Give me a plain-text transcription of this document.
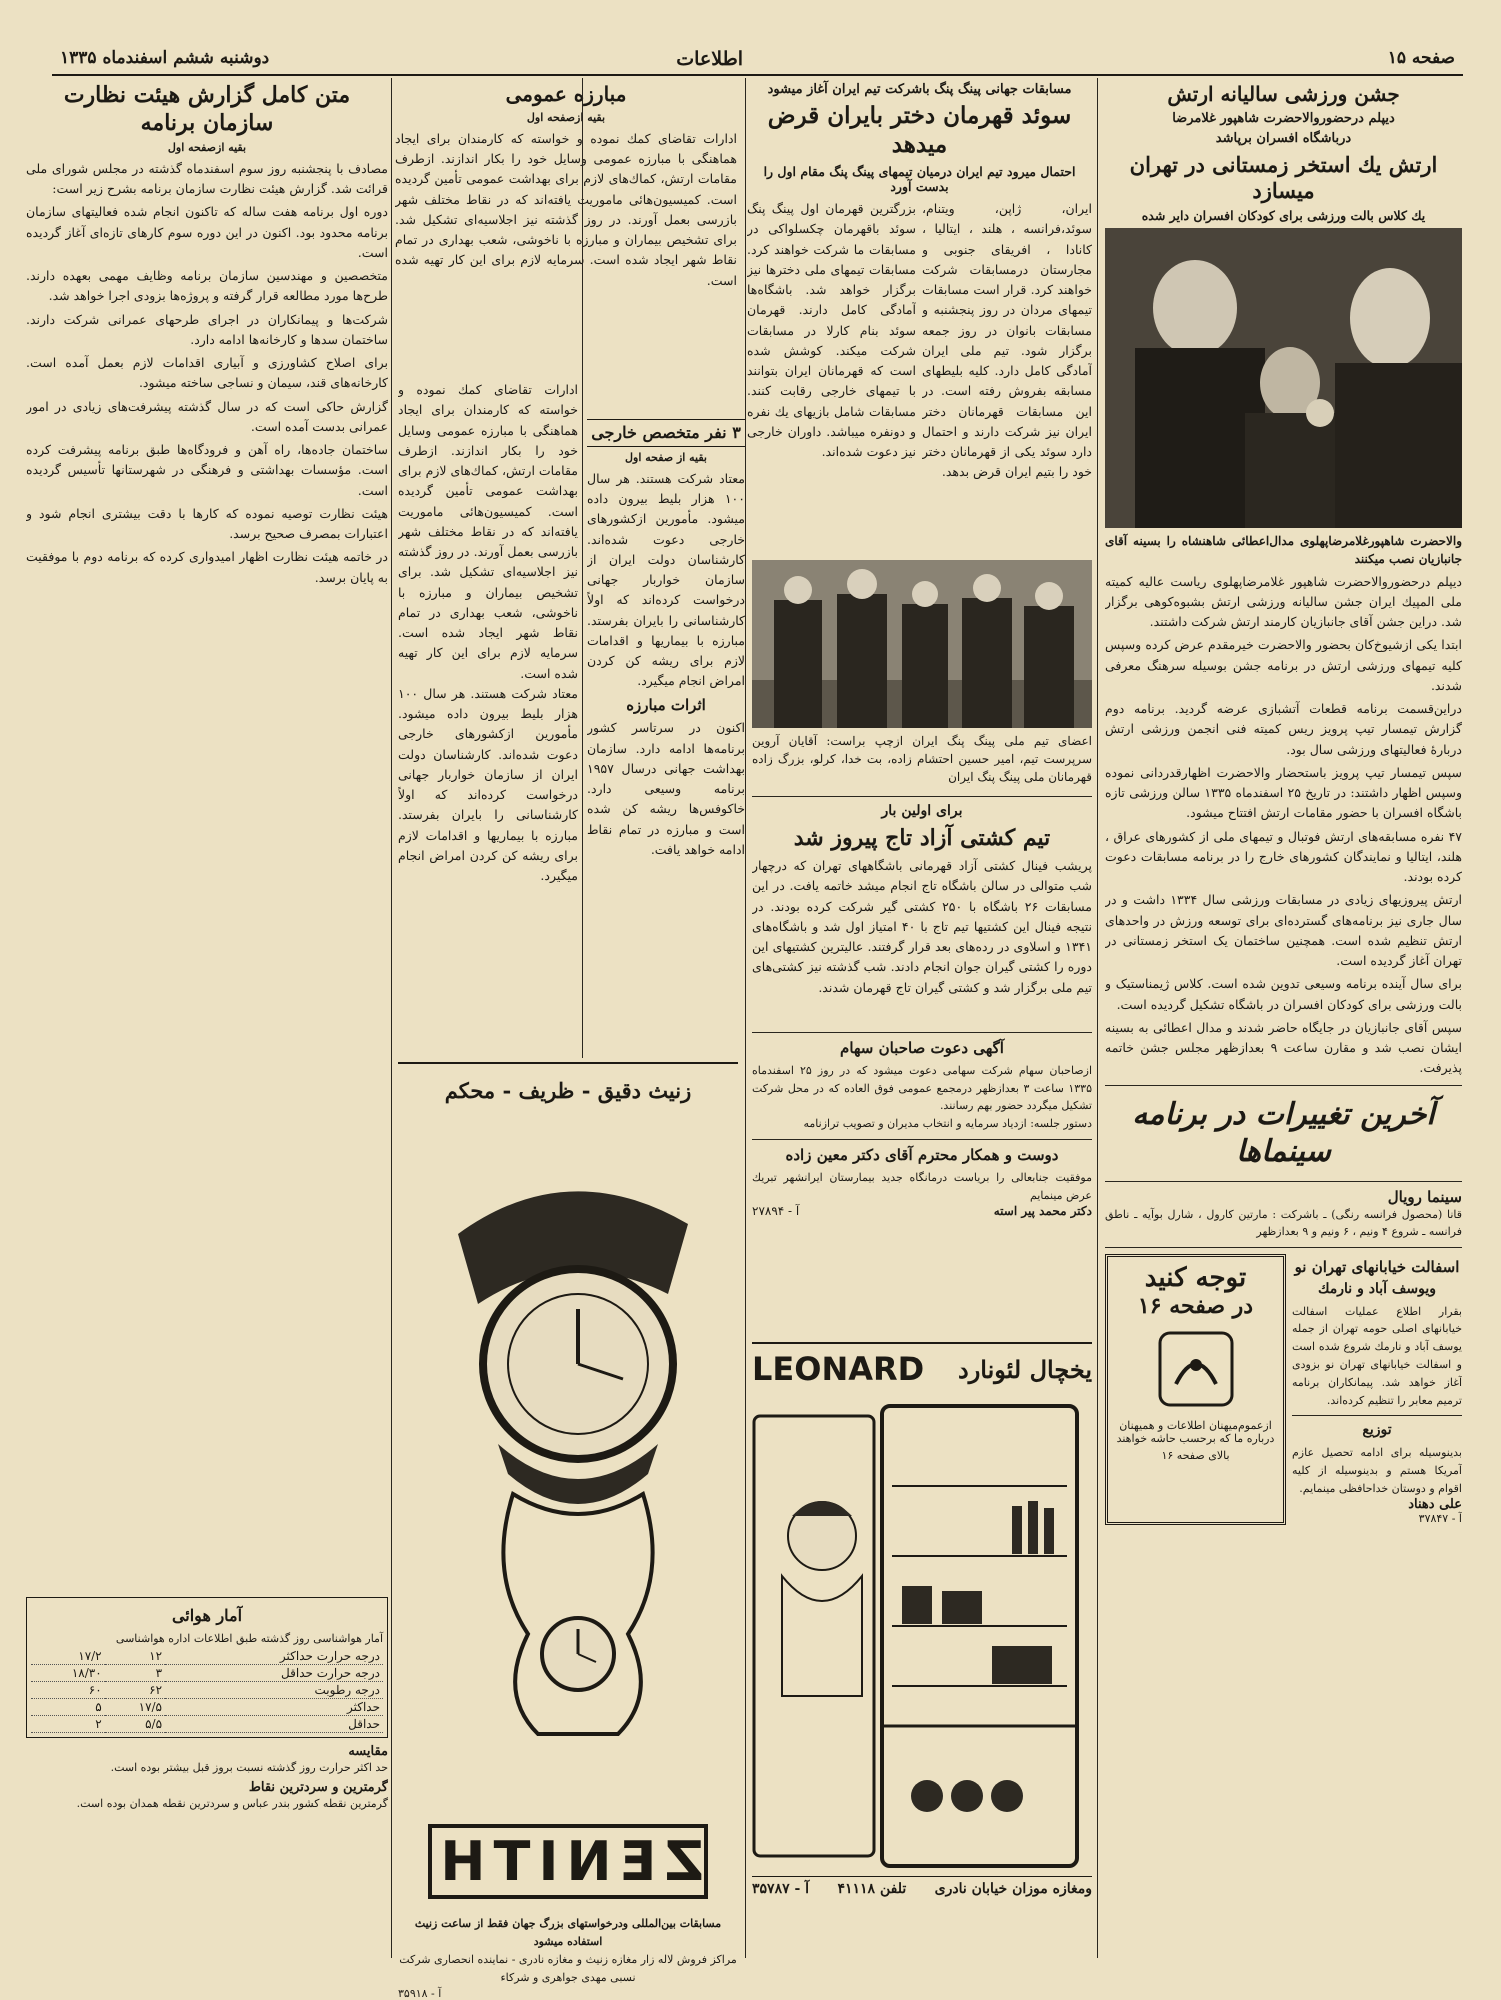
صفحه ۱۵
اطلاعات
دوشنبه ششم اسفندماه ۱۳۳۵
جشن ورزشی سالیانه ارتش
دیپلم درحضوروالاحضرت شاهپور غلامرضا
درباشگاه افسران برپاشد
ارتش یك استخر زمستانی در تهران میسازد
یك کلاس بالت ورزشی برای کودکان افسران دایر شده
والاحضرت شاهپورغلامرضاپهلوی مدال‌اعطائی شاهنشاه را بسینه آقای جانبازیان نصب میکنند

دیپلم درحضوروالاحضرت شاهپور غلامرضاپهلوی ریاست عالیه کمیته ملی المپیك ایران جشن سالیانه ورزشی ارتش بشبوه‌کوهی برگزار شد. دراین جشن آقای جانبازیان کارمند ارتش شرکت داشتند.

ابتدا یکی ازشیوخ‌کان بحضور والاحضرت خیرمقدم عرض کرده وسپس کلیه‌ تیمهای‌ ورزشی ارتش در برنامه جشن بوسیله سرهنگ معرفی شدند.

دراین‌قسمت برنامه قطعات آتشبازی عرضه گردید. برنامه دوم گزارش تیمسار تیپ پرویز ریس کمیته فنی انجمن ورزشی ارتش دربارهٔ فعالیتهای ورزشی سال بود.

سپس تیمسار تیپ پرویز باستحضار والاحضرت اظهارقدردانی نموده وسپس اظهار داشتند: در تاریخ ۲۵ اسفندماه ۱۳۳۵ سالن ورزشی تازه باشگاه افسران با حضور مقامات ارتش افتتاح میشود.

۴۷ نفره مسابقه‌های‌ ارتش فوتبال و تیمهای ملی از کشورهای عراق ، هلند، ایتالیا و نمایندگان کشورهای خارج را در برنامه مسابقات دعوت کرده بودند.

ارتش پیروزیهای زیادی در مسابقات ورزشی سال ۱۳۳۴ داشت و در سال جاری نیز برنامه‌های گسترده‌ای برای توسعه ورزش در واحدهای ارتش تنظیم شده است. همچنین ساختمان یک استخر زمستانی در تهران آغاز گردیده است.

برای سال آینده برنامه وسیعی تدوین شده است. کلاس ژیمناستیک و بالت ورزشی برای کودکان افسران در باشگاه تشکیل گردیده است.

سپس آقای جانبازیان در جایگاه حاضر شدند و مدال اعطائی به بسینه ایشان نصب شد و مقارن ساعت ۹ بعدازظهر مجلس جشن خاتمه پذیرفت.

آخرین تغییرات در برنامه سینماها
سینما رویال
قانا (محصول فرانسه رنگی) ـ باشرکت : مارتین کارول ، شارل بوآیه ـ ناطق فرانسه ـ شروع ۴ ونیم ، ۶ ونیم و ۹ بعدازظهر
اسفالت خیابانهای تهران نو
ویوسف آباد و نارمك
بقرار اطلاع عملیات اسفالت خیابانهای اصلی حومه تهران از جمله یوسف آباد و نارمك شروع شده است و اسفالت خیابانهای تهران نو بزودی آغاز خواهد شد. پیمانکاران برنامه ترمیم معابر را تنظیم کرده‌اند.
توزیع
بدینوسیله برای ادامه تحصیل عازم آمریکا هستم و بدینوسیله از کلیه اقوام و دوستان خداحافظی مینمایم.
علی دهناد
آ - ۳۷۸۴۷
توجه کنید
در صفحه ۱۶
ازعموم‌میهنان اطلاعات و همیهنان درباره ما که برحسب حاشه خواهند
بالای صفحه ۱۶
مسابقات جهانی پینگ پنگ باشرکت تیم ایران آغاز میشود
سوئد قهرمان دختر بایران قرض میدهد
احتمال میرود تیم ایران درمیان تیمهای پینگ پنگ مقام اول را بدست آورد
ایران، ژاپن، ویتنام، سوئد،فرانسه ، هلند ، ایتالیا ، کانادا ، افریقای جنوبی و مجارستان درمسابقات شرکت خواهند کرد. قرار است مسابقات تیمهای مردان در روز پنجشنبه و مسابقات بانوان در روز جمعه برگزار شود. تیم ملی ایران آمادگی کامل دارد. کلیه بلیطهای مسابقه بفروش رفته است. در این مسابقات قهرمانان دختر ایران نیز شرکت دارند و احتمال دارد سوئد یکی از قهرمانان دختر خود را بتیم ایران قرض بدهد.
بزرگترین قهرمان اول پینگ پنگ سوئد باقهرمان چکسلواکی در مسابقات ما شرکت خواهند کرد. مسابقات تیمهای ملی دخترها نیز برگزار خواهد شد. باشگاه‌ها آمادگی کامل دارند. قهرمان سوئد بنام کارلا در مسابقات شرکت میکند. کوشش شده است که قهرمانان ایران بتوانند با تیمهای خارجی رقابت کنند. مسابقات شامل بازیهای یك نفره و دونفره میباشد. داوران خارجی نیز دعوت شده‌اند.
مبارزه عمومی
بقیه ازصفحه اول
ادارات تقاضای کمك نموده و خواسته که کارمندان برای ایجاد هماهنگی با مبارزه عمومی وسایل خود را بکار اندازند. ازطرف مقامات ارتش، کماك‌های لازم برای بهداشت عمومی تأمین گردیده است. کمیسیون‌هائی ماموریت یافته‌اند که در نقاط مختلف شهر بازرسی بعمل آورند. در روز گذشته نیز اجلاسیه‌ای تشکیل شد. برای تشخیص بیماران و مبارزه با ناخوشی، شعب بهداری در تمام نقاط شهر ایجاد شده است. سرمایه لازم برای این کار تهیه شده است.
اعضای تیم ملی پینگ پنگ ایران ازچپ براست: آقایان آروین سرپرست تیم، امیر حسین احتشام زاده، بت خدا، کرلو، بزرگ زاده قهرمانان ملی پینگ پنگ ایران
۳ نفر متخصص خارجی
بقیه از صفحه اول
معتاد شرکت هستند. هر سال ۱۰۰ هزار بلیط بیرون داده میشود. مأمورین ازکشورهای خارجی دعوت شده‌اند. کارشناسان دولت ایران از سازمان خواربار جهانی درخواست کرده‌اند که اولاً کارشناسانی را بایران بفرستد. مبارزه با بیماریها و اقدامات لازم برای ریشه کن کردن امراض انجام میگیرد.
اثرات مبارزه
اکنون در سرتاسر کشور برنامه‌ها ادامه دارد. سازمان بهداشت جهانی درسال ۱۹۵۷ برنامه وسیعی دارد. خاکوفس‌ها ریشه کن شده است و مبارزه در تمام نقاط ادامه خواهد یافت.
ادارات تقاضای کمك نموده و خواسته که کارمندان برای ایجاد هماهنگی با مبارزه عمومی وسایل خود را بکار اندازند. ازطرف مقامات ارتش، کماك‌های لازم برای بهداشت عمومی تأمین گردیده است. کمیسیون‌هائی ماموریت یافته‌اند که در نقاط مختلف شهر بازرسی بعمل آورند. در روز گذشته نیز اجلاسیه‌ای تشکیل شد. برای تشخیص بیماران و مبارزه با ناخوشی، شعب بهداری در تمام نقاط شهر ایجاد شده است. سرمایه لازم برای این کار تهیه شده است.
معتاد شرکت هستند. هر سال ۱۰۰ هزار بلیط بیرون داده میشود. مأمورین ازکشورهای خارجی دعوت شده‌اند. کارشناسان دولت ایران از سازمان خواربار جهانی درخواست کرده‌اند که اولاً کارشناسانی را بایران بفرستد. مبارزه با بیماریها و اقدامات لازم برای ریشه کن کردن امراض انجام میگیرد.
برای اولین بار
تیم کشتی آزاد تاج پیروز شد
پریشب فینال کشتی آزاد قهرمانی باشگاههای تهران که درچهار شب متوالی در سالن باشگاه تاج انجام میشد خاتمه یافت. در این مسابقات ۲۶ باشگاه با ۲۵۰ کشتی گیر شرکت کرده بودند. در نتیجه فینال این کشتیها تیم تاج با ۴۰ امتیاز اول شد و باشگاه‌های ۱۳۴۱ و اسلاوی در رده‌های بعد قرار گرفتند. عالیترین کشتیهای این دوره را کشتی گیران جوان انجام دادند. شب گذشته نیز کشتی‌های تیم ملی برگزار شد و کشتی گیران تاج قهرمان شدند.
آگهی دعوت صاحبان سهام
ازصاحبان سهام شرکت سهامی دعوت میشود که در روز ۲۵ اسفندماه ۱۳۳۵ ساعت ۳ بعدازظهر درمجمع عمومی فوق العاده که در محل شرکت تشکیل میگردد حضور بهم رسانند.
دستور جلسه: ازدیاد سرمایه و انتخاب مدیران و تصویب ترازنامه
دوست و همکار محترم آقای دکتر معین زاده
موفقیت جنابعالی را بریاست درمانگاه جدید بیمارستان ایرانشهر تبریك عرض مینمایم
دکتر محمد پیر استه
آ - ۲۷۸۹۴
زنیث دقیق - ظریف - محکم
ZENITH
مسابقات بین‌المللی ودرخواستهای بزرگ جهان فقط از ساعت زنیث استفاده میشود
مراکز فروش لاله زار مغازه زنیث و مغازه نادری - نماینده انحصاری شرکت نسبی مهدی جواهری و شرکاء
آ - ۳۵۹۱۸
یخچال لئونارد
LEONARD
ومغازه موزان خیابان نادری
تلفن ۴۱۱۱۸
آ - ۳۵۷۸۷
متن کامل گزارش هیئت نظارت سازمان برنامه
بقیه ازصفحه اول

مصادف با پنجشنبه روز سوم اسفندماه گذشته در مجلس شورای ملی قرائت شد. گزارش هیئت نظارت سازمان برنامه بشرح زیر است:

دوره اول برنامه هفت ساله که تاکنون انجام شده فعالیتهای سازمان برنامه محدود بود. اکنون در این دوره سوم کارهای تازه‌ای آغاز گردیده است.

متخصصین و مهندسین سازمان برنامه وظایف مهمی بعهده دارند. طرح‌ها مورد مطالعه قرار گرفته و پروژه‌ها بزودی اجرا خواهد شد.

شرکت‌ها و پیمانکاران در اجرای طرحهای عمرانی شرکت دارند. ساختمان سدها و کارخانه‌ها ادامه دارد.

برای اصلاح کشاورزی و آبیاری اقدامات لازم بعمل آمده است. کارخانه‌های قند، سیمان و نساجی ساخته میشود.

گزارش حاکی است که در سال گذشته پیشرفت‌های زیادی در امور عمرانی بدست آمده است.

ساختمان جاده‌ها، راه آهن و فرودگاه‌ها طبق برنامه پیشرفت کرده است. مؤسسات بهداشتی و فرهنگی در شهرستانها تأسیس گردیده است.

هیئت نظارت توصیه نموده که کارها با دقت بیشتری انجام شود و اعتبارات بمصرف صحیح برسد.

در خاتمه هیئت نظارت اظهار امیدواری کرده که برنامه دوم با موفقیت به پایان برسد.

آمار هوائی
آمار هواشناسی روز گذشته طبق اطلاعات اداره هواشناسی
درجه حرارت حداکثر	۱۲	۱۷/۲
درجه حرارت حداقل	۳	۱۸/۳۰
درجه رطوبت	۶۲	۶۰
حداکثر	۱۷/۵	۵
حداقل	۵/۵	۲
مقایسه
حد اکثر حرارت روز گذشته نسبت بروز قبل بیشتر بوده است.
گرمترین و سردترین نقاط
گرمترین نقطه کشور بندر عباس و سردترین نقطه همدان بوده است.
